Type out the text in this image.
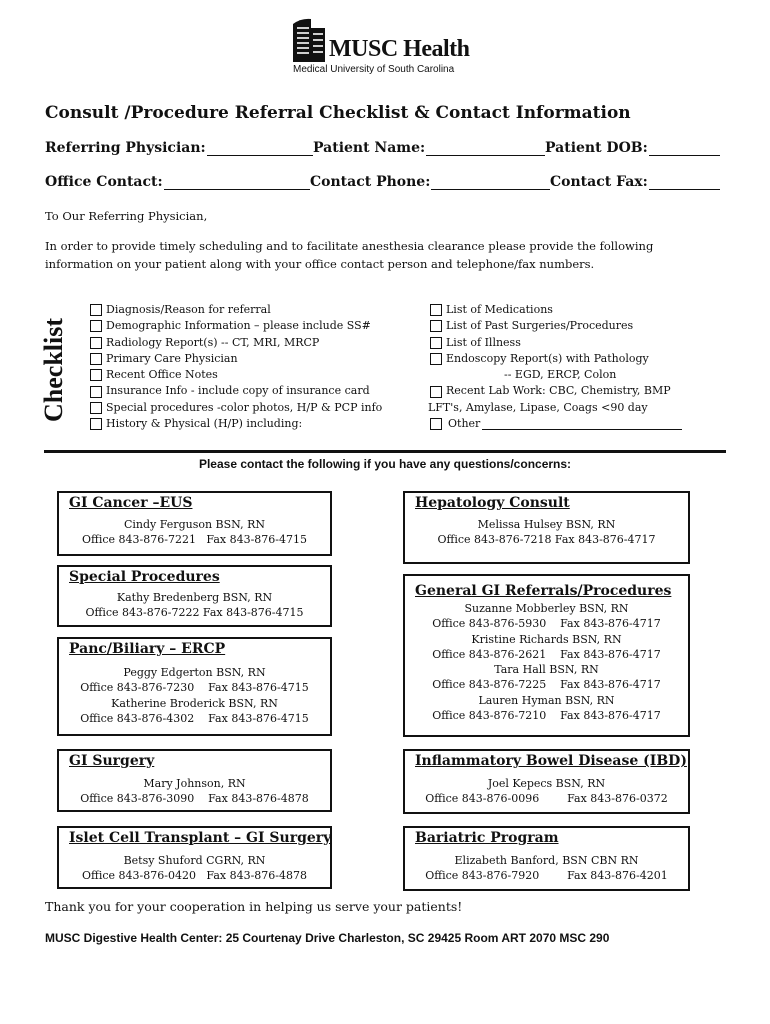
MUSC Health
Medical University of South Carolina
Consult /Procedure Referral Checklist & Contact Information
Referring Physician:	Patient Name:	Patient DOB:
Office Contact:	Contact Phone:	Contact Fax:
To Our Referring Physician,
In order to provide timely scheduling and to facilitate anesthesia clearance please provide the following information on your patient along with your office contact person and telephone/fax numbers.
Checklist
Diagnosis/Reason for referral
Demographic Information – please include SS#
Radiology Report(s) -- CT, MRI, MRCP
Primary Care Physician
Recent Office Notes
Insurance Info - include copy of insurance card
Special procedures -color photos, H/P & PCP info
History & Physical (H/P) including:
List of Medications
List of Past Surgeries/Procedures
List of Illness
Endoscopy Report(s) with Pathology
-- EGD, ERCP, Colon
Recent Lab Work: CBC, Chemistry, BMP
LFT's, Amylase, Lipase, Coags <90 day
Other
Please contact the following if you have any questions/concerns:
GI Cancer –EUS
Cindy Ferguson BSN, RN
Office 843-876-7221   Fax 843-876-4715
Special Procedures
Kathy Bredenberg BSN, RN
Office 843-876-7222 Fax 843-876-4715
Panc/Biliary – ERCP
Peggy Edgerton BSN, RN
Office 843-876-7230    Fax 843-876-4715
Katherine Broderick BSN, RN
Office 843-876-4302    Fax 843-876-4715
GI Surgery
Mary Johnson, RN
Office 843-876-3090    Fax 843-876-4878
Islet Cell Transplant – GI Surgery
Betsy Shuford CGRN, RN
Office 843-876-0420   Fax 843-876-4878
Hepatology Consult
Melissa Hulsey BSN, RN
Office 843-876-7218 Fax 843-876-4717
General GI Referrals/Procedures
Suzanne Mobberley BSN, RN
Office 843-876-5930    Fax 843-876-4717
Kristine Richards BSN, RN
Office 843-876-2621    Fax 843-876-4717
Tara Hall BSN, RN
Office 843-876-7225    Fax 843-876-4717
Lauren Hyman BSN, RN
Office 843-876-7210    Fax 843-876-4717
Inflammatory Bowel Disease (IBD)
Joel Kepecs BSN, RN
Office 843-876-0096        Fax 843-876-0372
Bariatric Program
Elizabeth Banford, BSN CBN RN
Office 843-876-7920        Fax 843-876-4201
Thank you for your cooperation in helping us serve your patients!
MUSC Digestive Health Center: 25 Courtenay Drive Charleston, SC 29425 Room ART 2070 MSC 290
